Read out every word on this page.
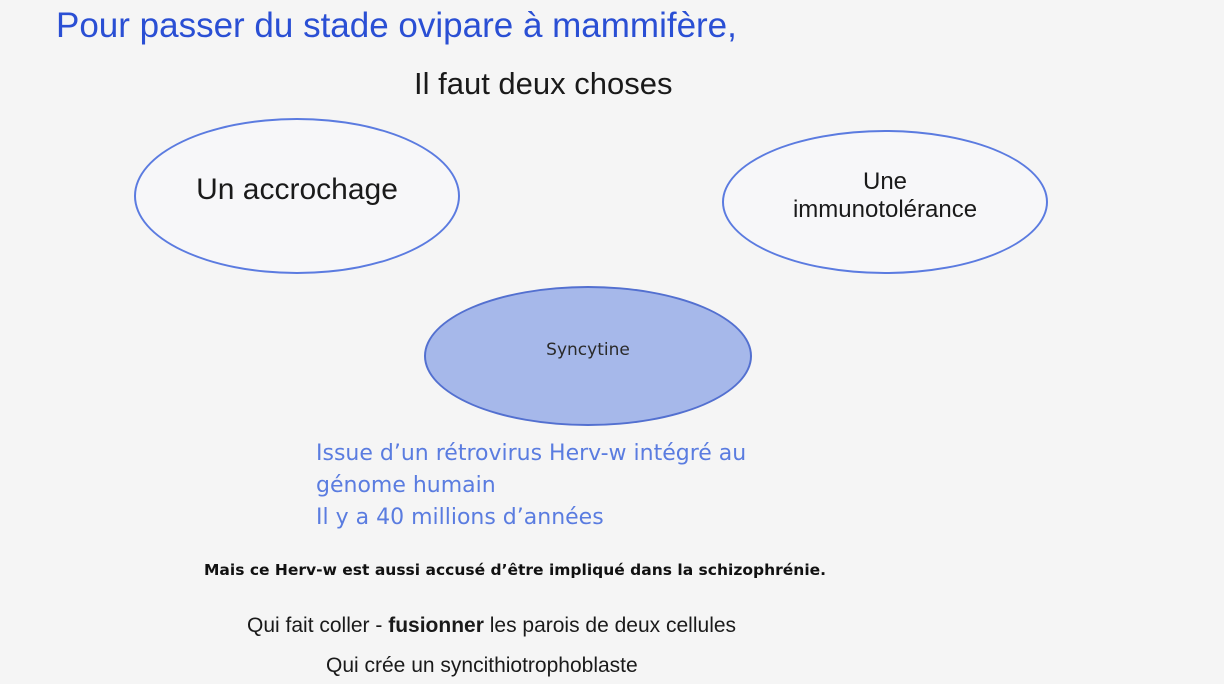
Pour passer du stade ovipare à mammifère,
Il faut deux choses
Un accrochage	Une
immunotolérance
Syncytine
Issue d’un rétrovirus Herv-w intégré au
génome humain
Il y a 40 millions d’années
Mais ce Herv-w est aussi accusé d’être impliqué dans la schizophrénie.
Qui fait coller - fusionner les parois de deux cellules
Qui crée un syncithiotrophoblaste
